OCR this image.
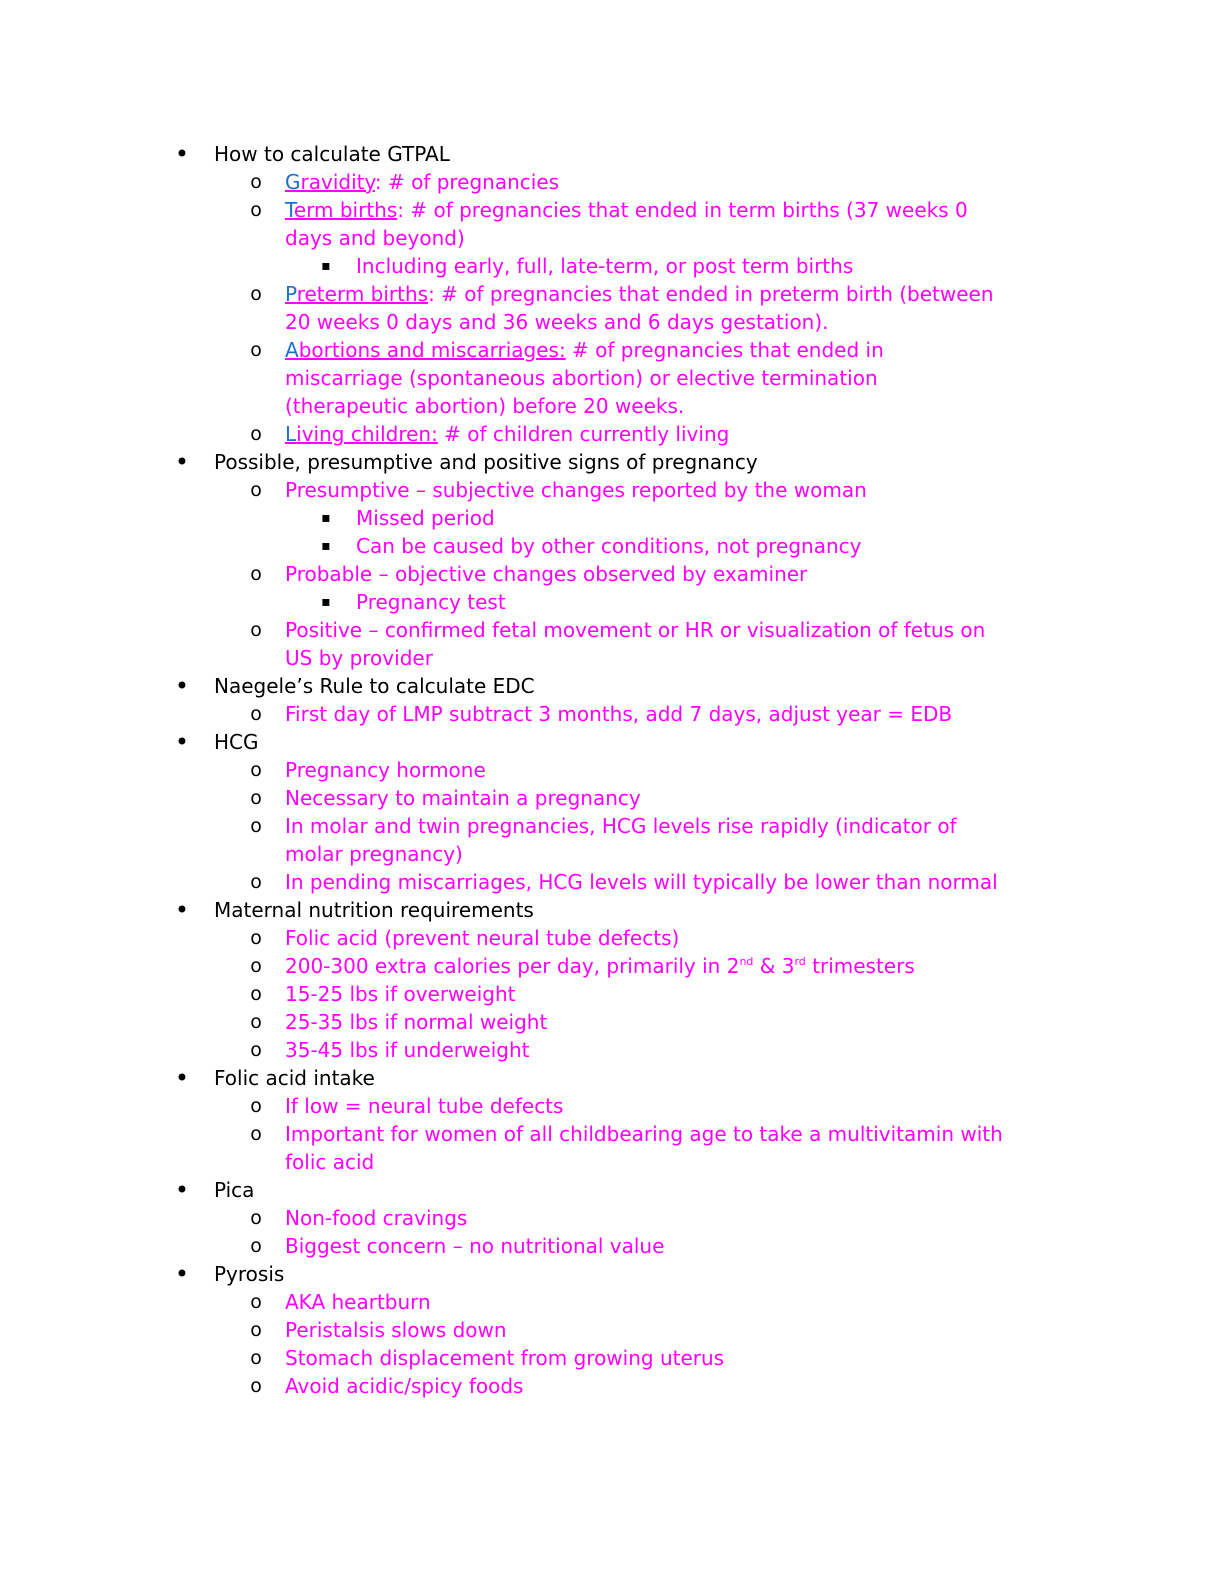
• How to calculate GTPAL
o Gravidity: # of pregnancies
o Term births: # of pregnancies that ended in term births (37 weeks 0
days and beyond)
▪ Including early, full, late-term, or post term births
o Preterm births: # of pregnancies that ended in preterm birth (between
20 weeks 0 days and 36 weeks and 6 days gestation).
o Abortions and miscarriages: # of pregnancies that ended in
miscarriage (spontaneous abortion) or elective termination
(therapeutic abortion) before 20 weeks.
o Living children: # of children currently living
• Possible, presumptive and positive signs of pregnancy
o Presumptive – subjective changes reported by the woman
▪ Missed period
▪ Can be caused by other conditions, not pregnancy
o Probable – objective changes observed by examiner
▪ Pregnancy test
o Positive – confirmed fetal movement or HR or visualization of fetus on
US by provider
• Naegele’s Rule to calculate EDC
o First day of LMP subtract 3 months, add 7 days, adjust year = EDB
• HCG
o Pregnancy hormone
o Necessary to maintain a pregnancy
o In molar and twin pregnancies, HCG levels rise rapidly (indicator of
molar pregnancy)
o In pending miscarriages, HCG levels will typically be lower than normal
• Maternal nutrition requirements
o Folic acid (prevent neural tube defects)
o 200-300 extra calories per day, primarily in 2nd & 3rd trimesters
o 15-25 lbs if overweight
o 25-35 lbs if normal weight
o 35-45 lbs if underweight
• Folic acid intake
o If low = neural tube defects
o Important for women of all childbearing age to take a multivitamin with
folic acid
• Pica
o Non-food cravings
o Biggest concern – no nutritional value
• Pyrosis
o AKA heartburn
o Peristalsis slows down
o Stomach displacement from growing uterus
o Avoid acidic/spicy foods
